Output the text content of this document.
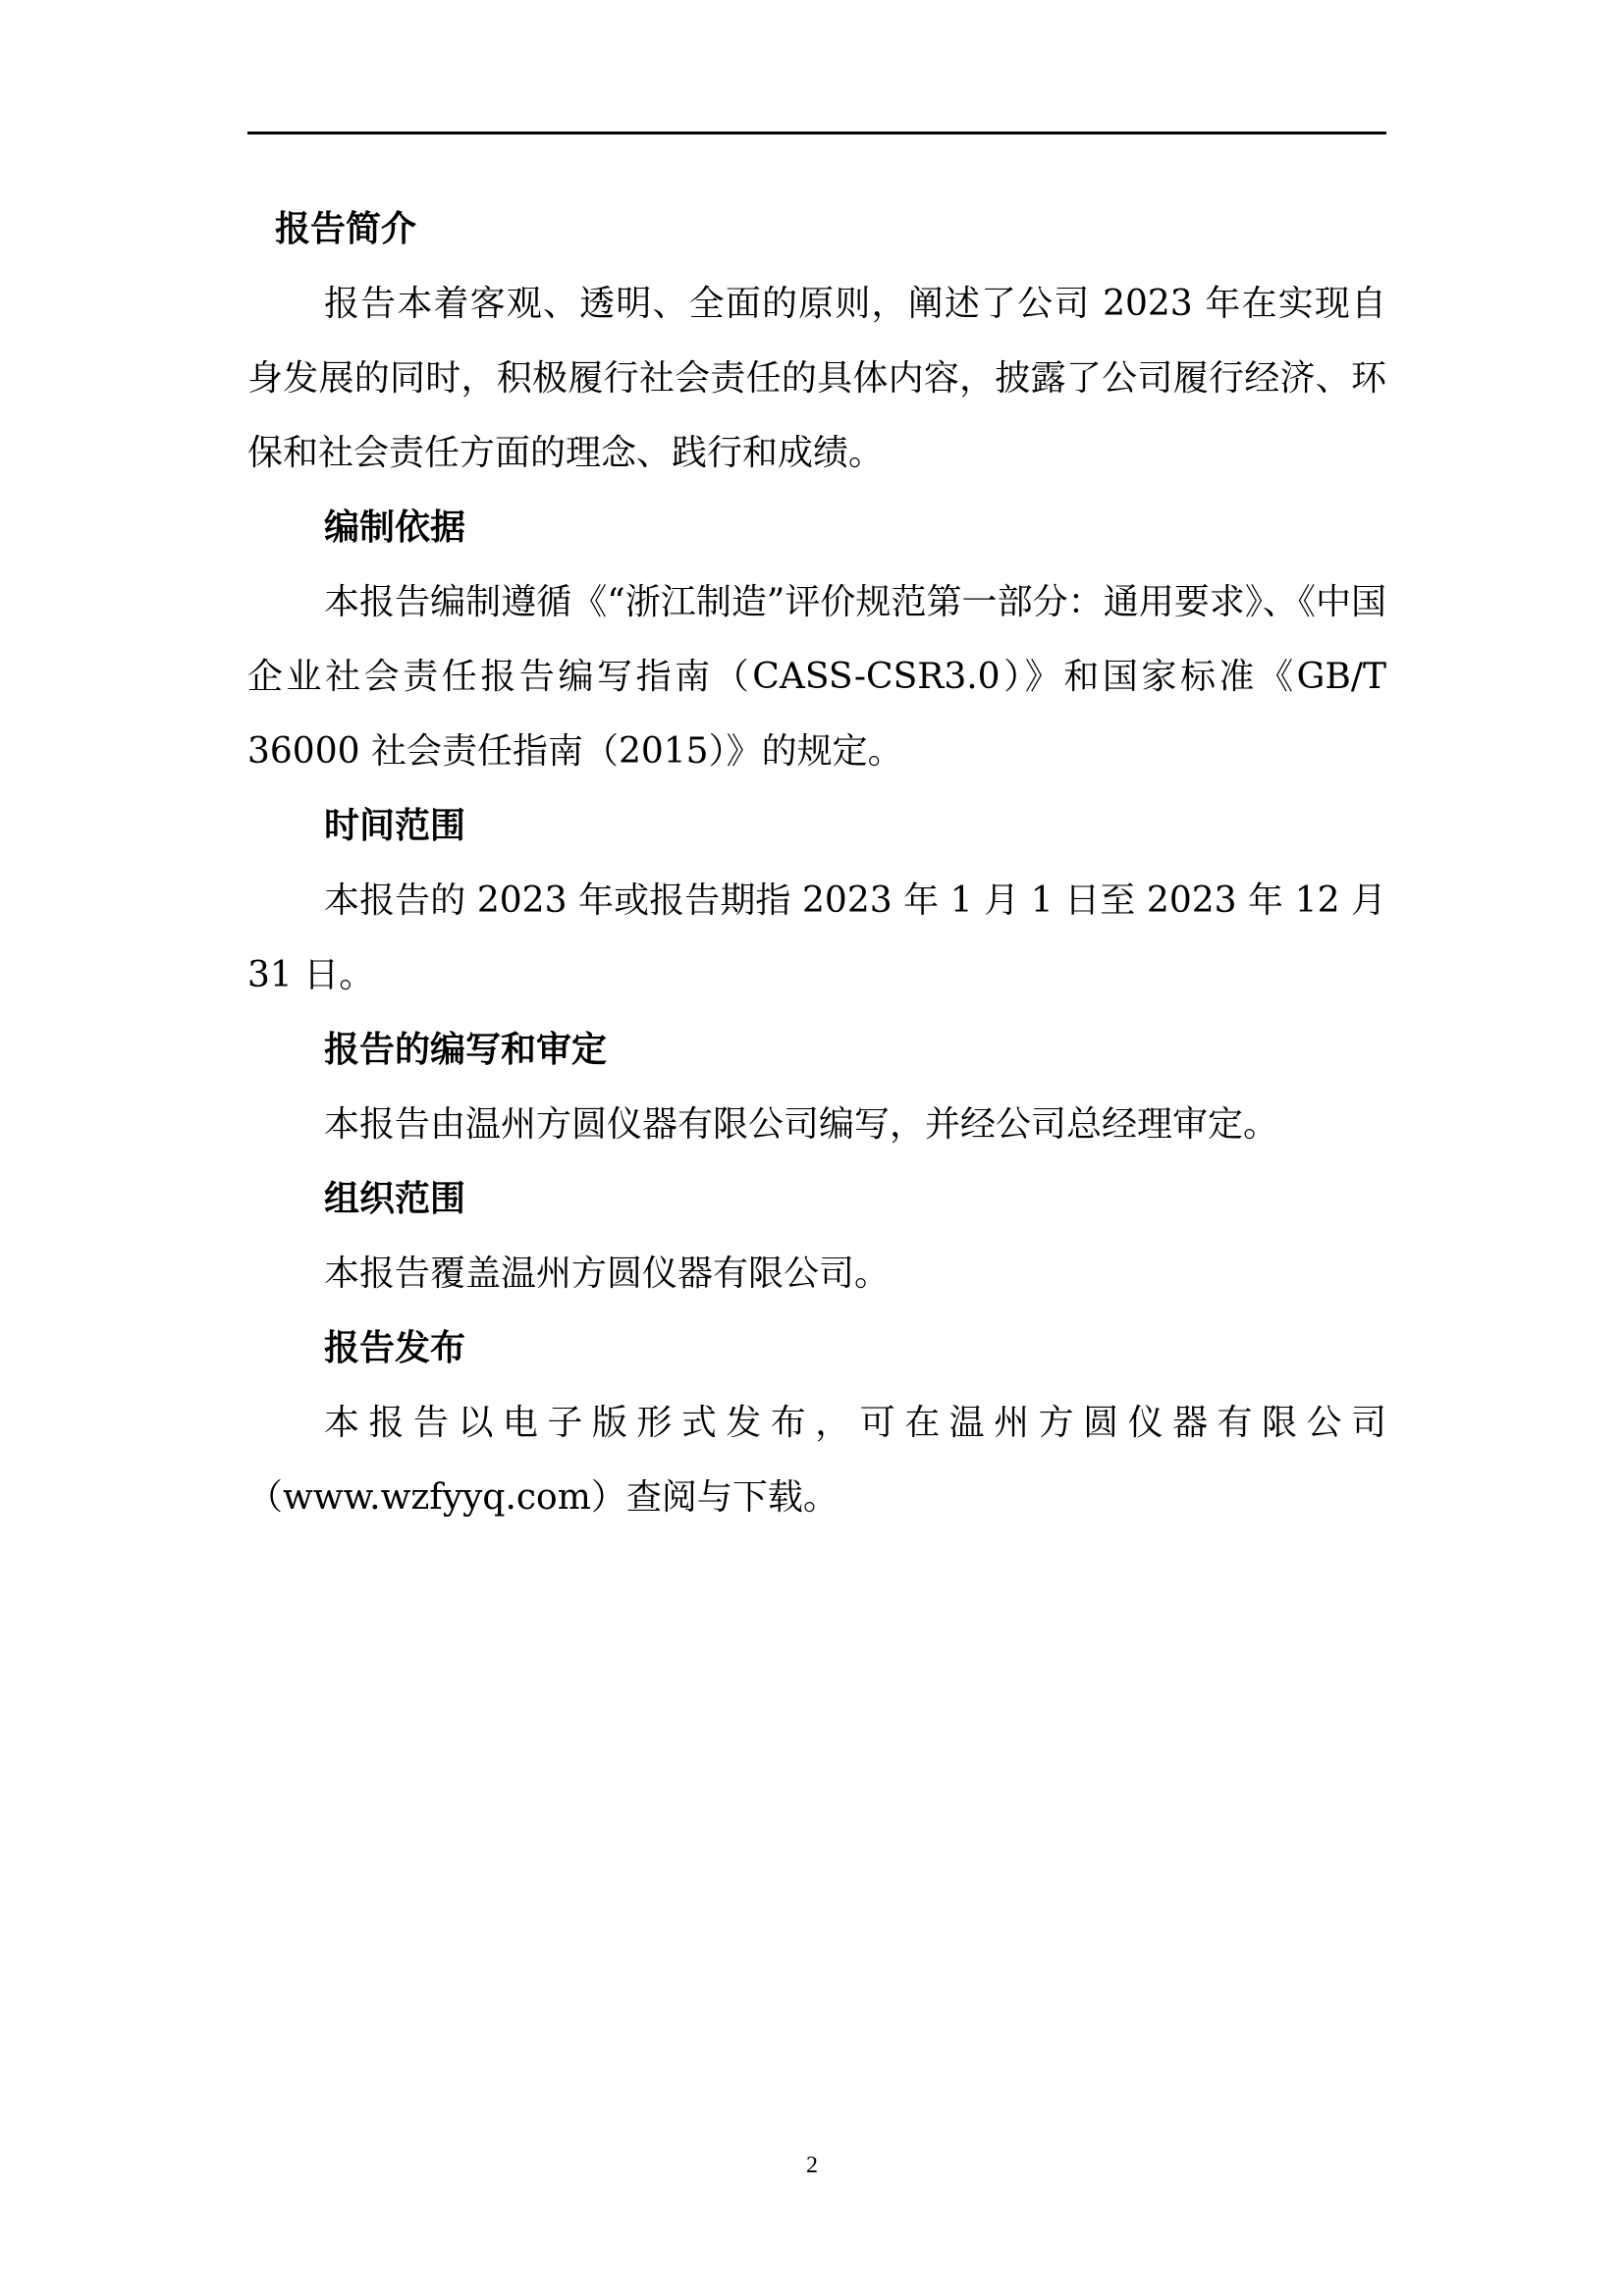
报告简介

报告本着客观、透明、全面的原则，阐述了公司 2023 年在实现自身发展的同时，积极履行社会责任的具体内容，披露了公司履行经济、环保和社会责任方面的理念、践行和成绩。

编制依据

本报告编制遵循《“浙江制造”评价规范第一部分：通用要求》、《中国企业社会责任报告编写指南（CASS-CSR3.0）》和国家标准《GB/T 36000 社会责任指南（2015）》的规定。

时间范围

本报告的 2023 年或报告期指 2023 年 1 月 1 日至 2023 年 12 月 31 日。

报告的编写和审定

本报告由温州方圆仪器有限公司编写，并经公司总经理审定。

组织范围

本报告覆盖温州方圆仪器有限公司。

报告发布

本报告以电子版形式发布，可在温州方圆仪器有限公司（www.wzfyyq.com）查阅与下载。

2
